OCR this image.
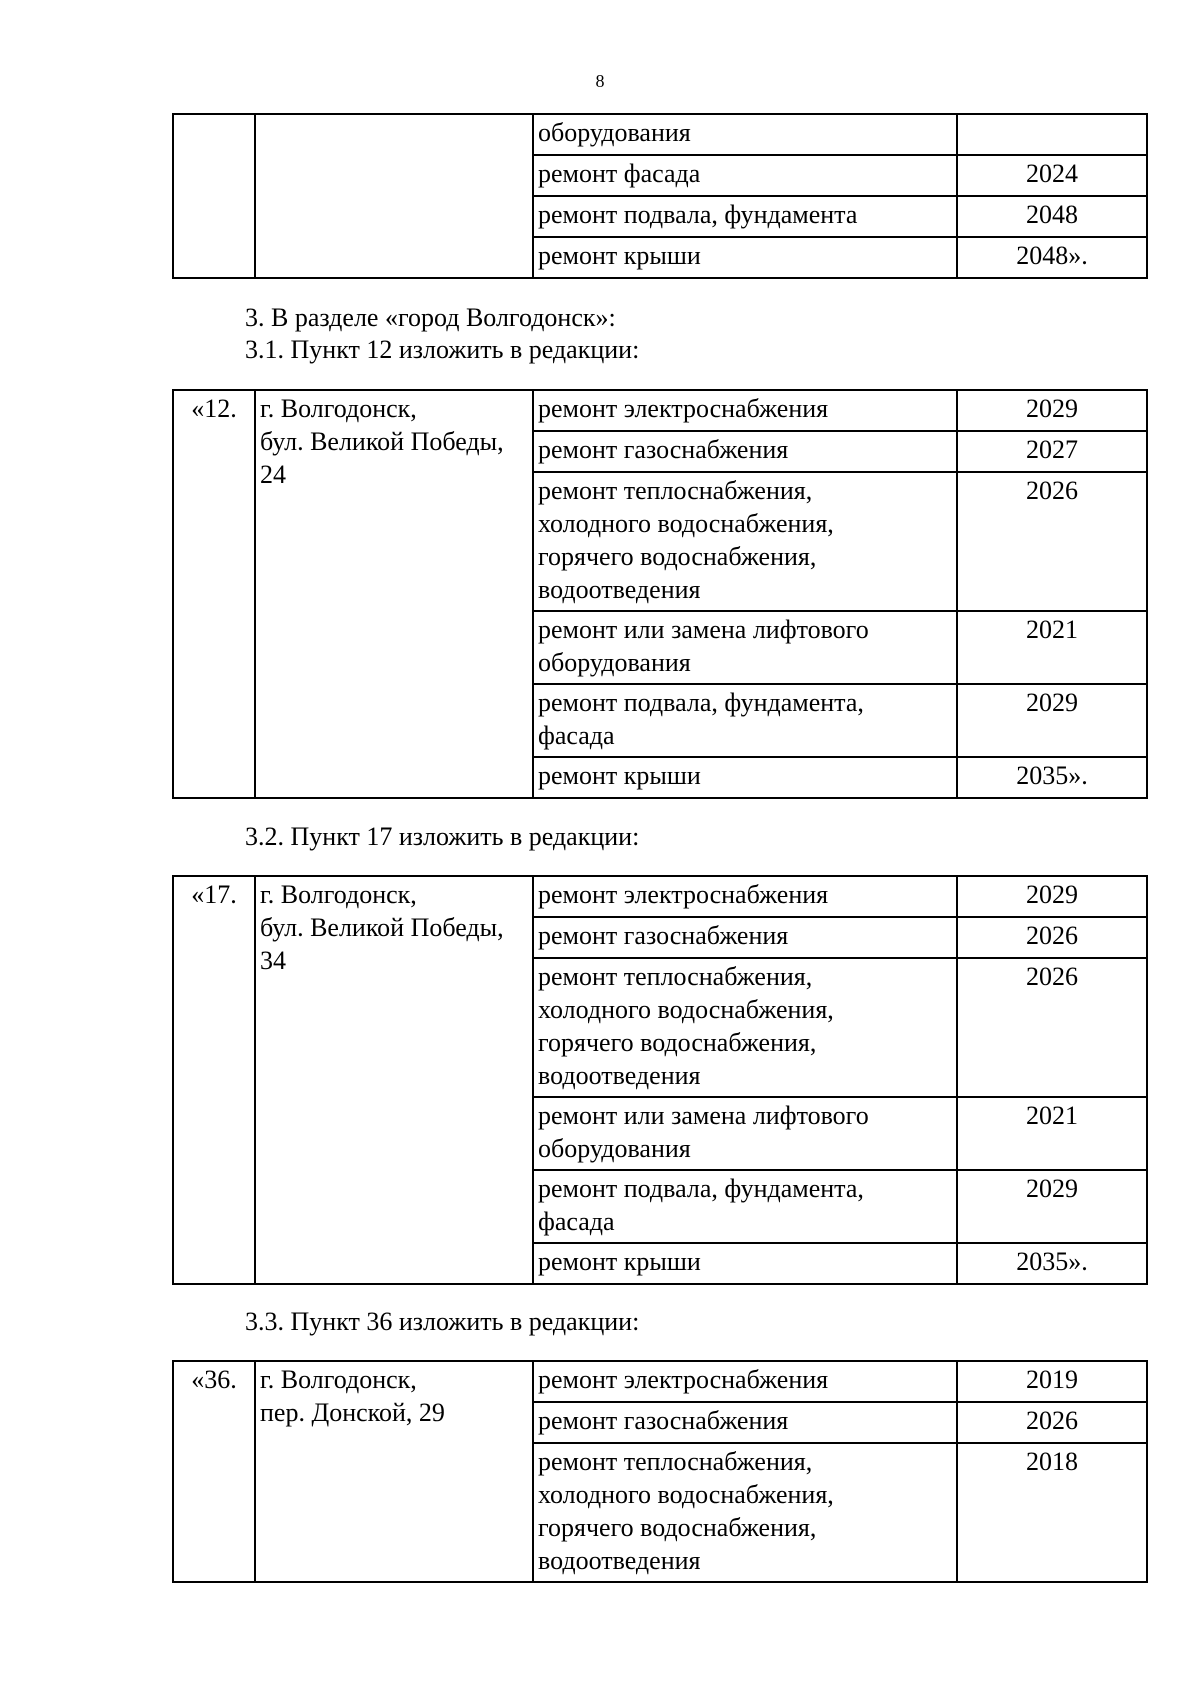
8
		оборудования	
		ремонт фасада	2024
		ремонт подвала, фундамента	2048
		ремонт крыши	2048».
3. В разделе «город Волгодонск»:
3.1. Пункт 12 изложить в редакции:
«12.	г. Волгодонск,
бул. Великой Победы,
24	ремонт электроснабжения	2029

		ремонт газоснабжения	2027

		ремонт теплоснабжения,
холодного водоснабжения,
горячего водоснабжения,
водоотведения	2026

		ремонт или замена лифтового
оборудования	2021

		ремонт подвала, фундамента,
фасада	2029

		ремонт крыши	2035».
3.2. Пункт 17 изложить в редакции:
«17.	г. Волгодонск,
бул. Великой Победы,
34	ремонт электроснабжения	2029

		ремонт газоснабжения	2026

		ремонт теплоснабжения,
холодного водоснабжения,
горячего водоснабжения,
водоотведения	2026

		ремонт или замена лифтового
оборудования	2021

		ремонт подвала, фундамента,
фасада	2029

		ремонт крыши	2035».
3.3. Пункт 36 изложить в редакции:
«36.	г. Волгодонск,
пер. Донской, 29	ремонт электроснабжения	2019

		ремонт газоснабжения	2026

		ремонт теплоснабжения,
холодного водоснабжения,
горячего водоснабжения,
водоотведения	2018
